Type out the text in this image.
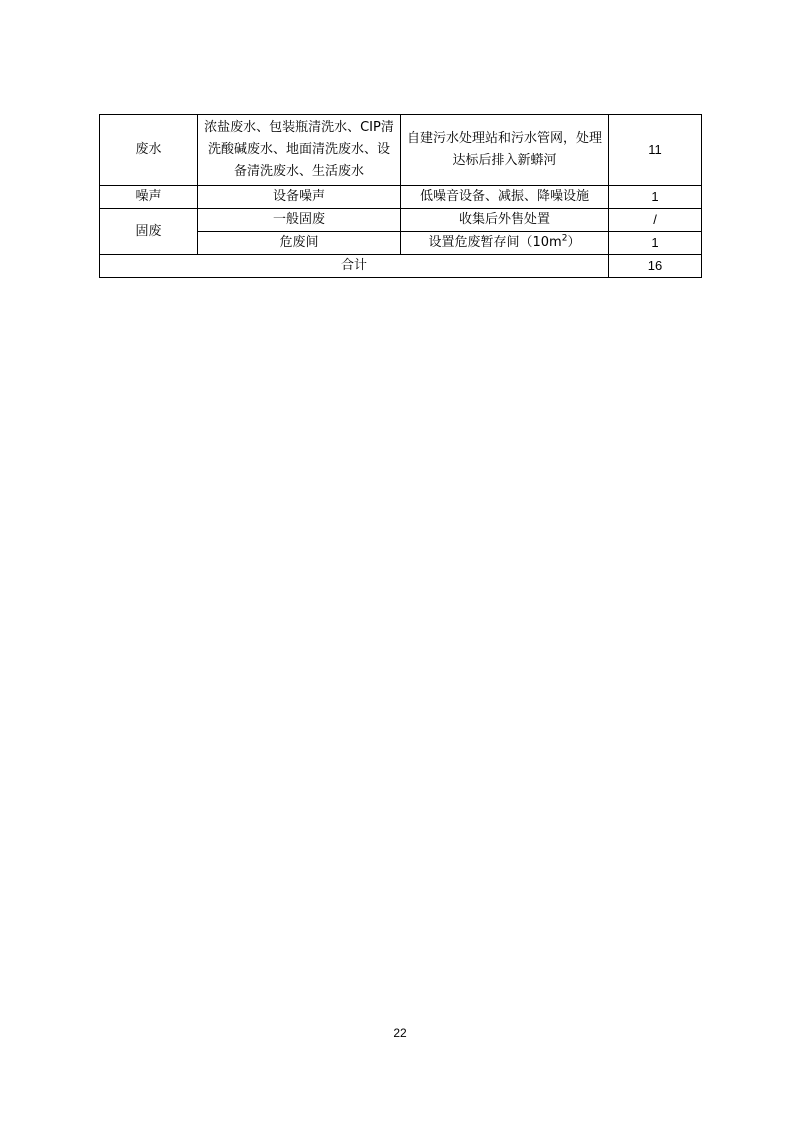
废水	浓盐废水、包装瓶清洗水、CIP清洗酸碱废水、地面清洗废水、设备清洗废水、生活废水	自建污水处理站和污水管网，处理达标后排入新蟒河	11
噪声	设备噪声	低噪音设备、减振、降噪设施	1
固废	一般固废	收集后外售处置	/
	危废间	设置危废暂存间$(10m^2)$	1
合计			16
22
